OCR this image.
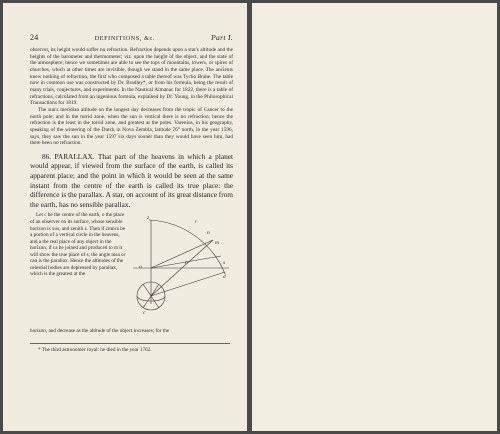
24	DEFINITIONS, &c.	Part I.

observer, its height would suffer no refraction. Refraction depends upon a star's altitude and the heights of the barometer and thermometer; viz. upon the height of the object, and the state of the atmosphere; hence we sometimes are able to see the tops of mountains, towers, or spires of churches, which at other times are invisible, though we stand in the same place. The ancients knew nothing of refraction, the first who composed a table thereof was Tycho Brahe. The table now in common use was constructed by Dr. Bradley*, or from his formula, being the result of many trials, conjectures, and experiments. In the Nautical Almanac for 1822, there is a table of refractions, calculated from an ingenious formula, explained by Dr. Young, in the Philosophical Transactions for 1819.

The sun's meridian altitude on the longest day decreases from the tropic of Cancer to the north pole; and in the torrid zone, when the sun is vertical there is no refraction; hence the refraction is the least in the torrid zone, and greatest at the poles. Varenius, in his geography, speaking of the wintering of the Dutch in Nova Zembla, latitude 76° north, in the year 1596, says, they saw the sun in the year 1597 six days sooner than they would have seen him, had there been no refraction.

86. PARALLAX. That part of the heavens in which a planet would appear, if viewed from the surface of the earth, is called its apparent place; and the point in which it would be seen at the same instant from the centre of the earth is called its true place: the difference is the parallax. A star, on account of its great distance from the earth, has no sensible parallax.

Let c be the centre of the earth, o the place of an observer on its surface, whose sensible horizon is xos, and zenith z. Then if zmncs be a portion of a vertical circle in the heavens, and a the real place of any object in the horizon, if ca be joined and produced to m it will show the true place of s; the angle msa or cao is the parallax. Hence the altitudes of the celestial bodies are depressed by parallax, which is the greatest at the
z
r
n
m
o
b	s
d
c

horizon, and decrease as the altitude of the object increases; for the

* The third astronomer royal: he died in the year 1762.
